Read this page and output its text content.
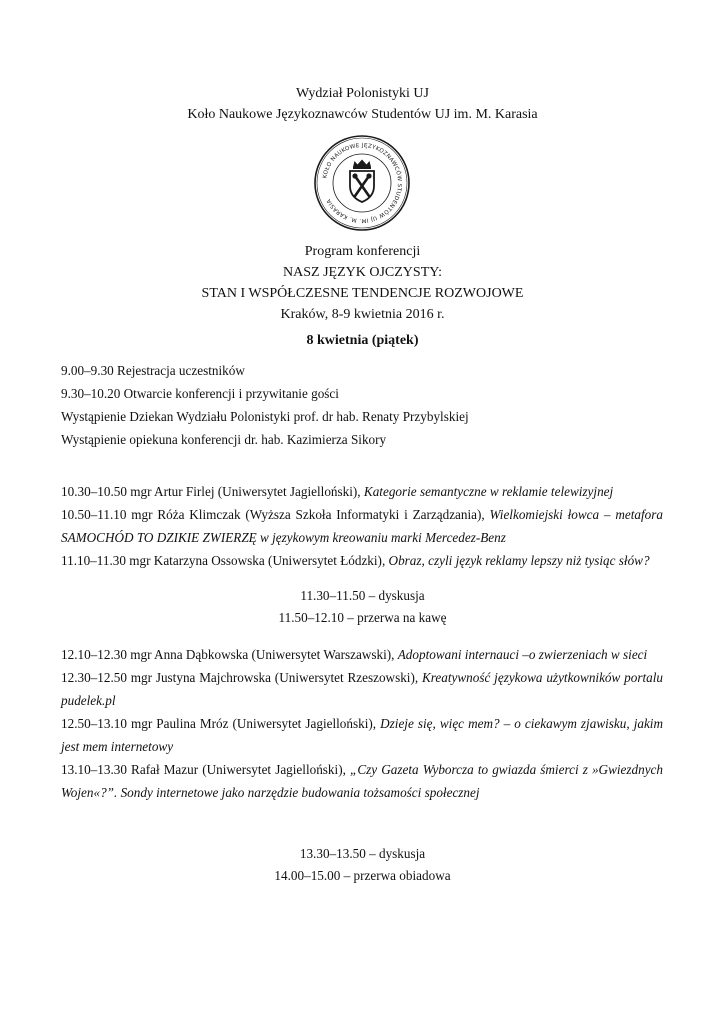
Wydział Polonistyki UJ
Koło Naukowe Językoznawców Studentów UJ im. M. Karasia
KOŁO NAUKOWE JĘZYKOZNAWCÓW STUDENTÓW UJ IM. M. KARASIA
Program konferencji
NASZ JĘZYK OJCZYSTY:
STAN I WSPÓŁCZESNE TENDENCJE ROZWOJOWE
Kraków, 8-9 kwietnia 2016 r.
8 kwietnia (piątek)

9.00–9.30 Rejestracja uczestników

9.30–10.20 Otwarcie konferencji i przywitanie gości

Wystąpienie Dziekan Wydziału Polonistyki prof. dr hab. Renaty Przybylskiej

Wystąpienie opiekuna konferencji dr. hab. Kazimierza Sikory

10.30–10.50 mgr Artur Firlej (Uniwersytet Jagielloński), Kategorie semantyczne w reklamie telewizyjnej

10.50–11.10 mgr Róża Klimczak (Wyższa Szkoła Informatyki i Zarządzania), Wielkomiejski łowca – metafora SAMOCHÓD TO DZIKIE ZWIERZĘ w językowym kreowaniu marki Mercedez-Benz

11.10–11.30 mgr Katarzyna Ossowska (Uniwersytet Łódzki), Obraz, czyli język reklamy lepszy niż tysiąc słów?

11.30–11.50 – dyskusja
11.50–12.10 – przerwa na kawę

12.10–12.30 mgr Anna Dąbkowska (Uniwersytet Warszawski), Adoptowani internauci –o zwierzeniach w sieci

12.30–12.50 mgr Justyna Majchrowska (Uniwersytet Rzeszowski), Kreatywność językowa użytkowników portalu pudelek.pl

12.50–13.10 mgr Paulina Mróz (Uniwersytet Jagielloński), Dzieje się, więc mem? – o ciekawym zjawisku, jakim jest mem internetowy

13.10–13.30 Rafał Mazur (Uniwersytet Jagielloński), „Czy Gazeta Wyborcza to gwiazda śmierci z »Gwiezdnych Wojen«?”. Sondy internetowe jako narzędzie budowania tożsamości społecznej

13.30–13.50 – dyskusja
14.00–15.00 – przerwa obiadowa
